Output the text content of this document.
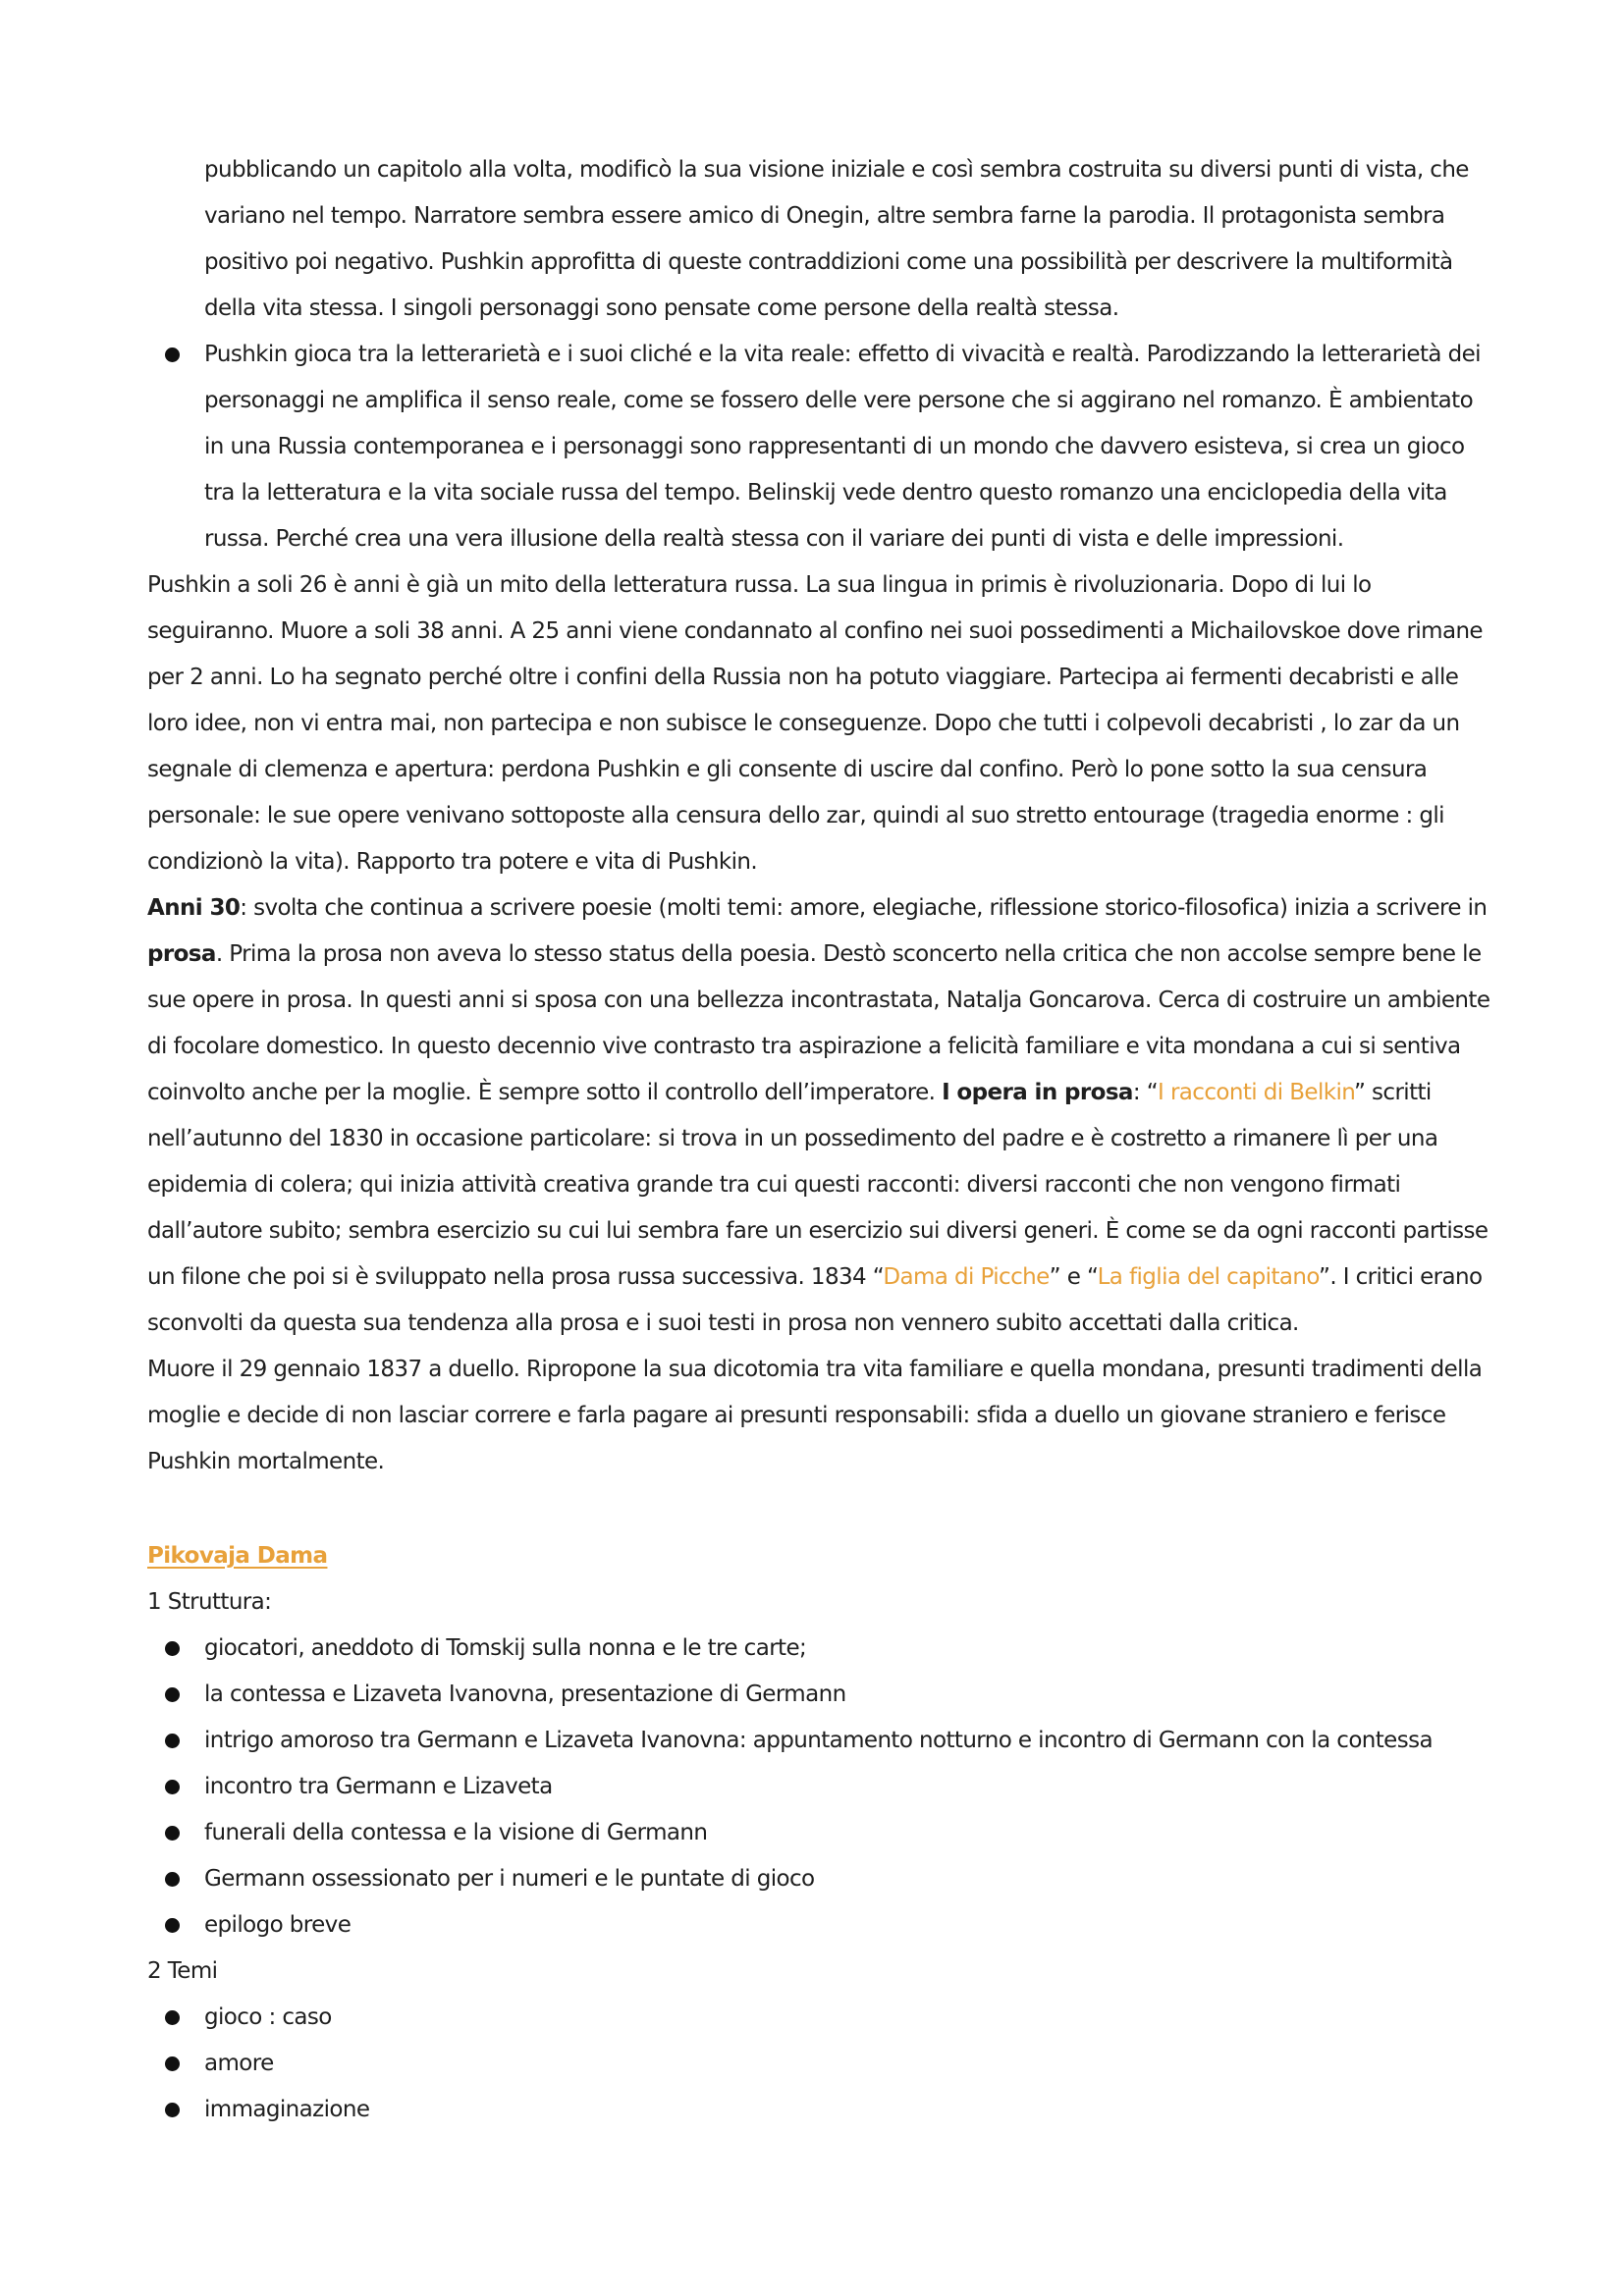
pubblicando un capitolo alla volta, modificò la sua visione iniziale e così sembra costruita su diversi punti di vista, che variano nel tempo. Narratore sembra essere amico di Onegin, altre sembra farne la parodia. Il protagonista sembra positivo poi negativo. Pushkin approfitta di queste contraddizioni come una possibilità per descrivere la multiformità della vita stessa. I singoli personaggi sono pensate come persone della realtà stessa.

Pushkin gioca tra la letterarietà e i suoi cliché e la vita reale: effetto di vivacità e realtà. Parodizzando la letterarietà dei personaggi ne amplifica il senso reale, come se fossero delle vere persone che si aggirano nel romanzo. È ambientato in una Russia contemporanea e i personaggi sono rappresentanti di un mondo che davvero esisteva, si crea un gioco tra la letteratura e la vita sociale russa del tempo. Belinskij vede dentro questo romanzo una enciclopedia della vita russa. Perché crea una vera illusione della realtà stessa con il variare dei punti di vista e delle impressioni.

Pushkin a soli 26 è anni è già un mito della letteratura russa. La sua lingua in primis è rivoluzionaria. Dopo di lui lo seguiranno. Muore a soli 38 anni. A 25 anni viene condannato al confino nei suoi possedimenti a Michailovskoe dove rimane per 2 anni. Lo ha segnato perché oltre i confini della Russia non ha potuto viaggiare. Partecipa ai fermenti decabristi e alle loro idee, non vi entra mai, non partecipa e non subisce le conseguenze. Dopo che tutti i colpevoli decabristi , lo zar da un segnale di clemenza e apertura: perdona Pushkin e gli consente di uscire dal confino. Però lo pone sotto la sua censura personale: le sue opere venivano sottoposte alla censura dello zar, quindi al suo stretto entourage (tragedia enorme : gli condizionò la vita). Rapporto tra potere e vita di Pushkin.

Anni 30: svolta che continua a scrivere poesie (molti temi: amore, elegiache, riflessione storico-filosofica) inizia a scrivere in prosa. Prima la prosa non aveva lo stesso status della poesia. Destò sconcerto nella critica che non accolse sempre bene le sue opere in prosa. In questi anni si sposa con una bellezza incontrastata, Natalja Goncarova. Cerca di costruire un ambiente di focolare domestico. In questo decennio vive contrasto tra aspirazione a felicità familiare e vita mondana a cui si sentiva coinvolto anche per la moglie. È sempre sotto il controllo dell’imperatore. I opera in prosa: “I racconti di Belkin” scritti nell’autunno del 1830 in occasione particolare: si trova in un possedimento del padre e è costretto a rimanere lì per una epidemia di colera; qui inizia attività creativa grande tra cui questi racconti: diversi racconti che non vengono firmati dall’autore subito; sembra esercizio su cui lui sembra fare un esercizio sui diversi generi. È come se da ogni racconti partisse un filone che poi si è sviluppato nella prosa russa successiva. 1834 “Dama di Picche” e “La figlia del capitano”. I critici erano sconvolti da questa sua tendenza alla prosa e i suoi testi in prosa non vennero subito accettati dalla critica.

Muore il 29 gennaio 1837 a duello. Ripropone la sua dicotomia tra vita familiare e quella mondana, presunti tradimenti della moglie e decide di non lasciar correre e farla pagare ai presunti responsabili: sfida a duello un giovane straniero e ferisce Pushkin mortalmente.

Pikovaja Dama

1 Struttura:

giocatori, aneddoto di Tomskij sulla nonna e le tre carte;
la contessa e Lizaveta Ivanovna, presentazione di Germann
intrigo amoroso tra Germann e Lizaveta Ivanovna: appuntamento notturno e incontro di Germann con la contessa
incontro tra Germann e Lizaveta
funerali della contessa e la visione di Germann
Germann ossessionato per i numeri e le puntate di gioco
epilogo breve

2 Temi

gioco : caso
amore
immaginazione
